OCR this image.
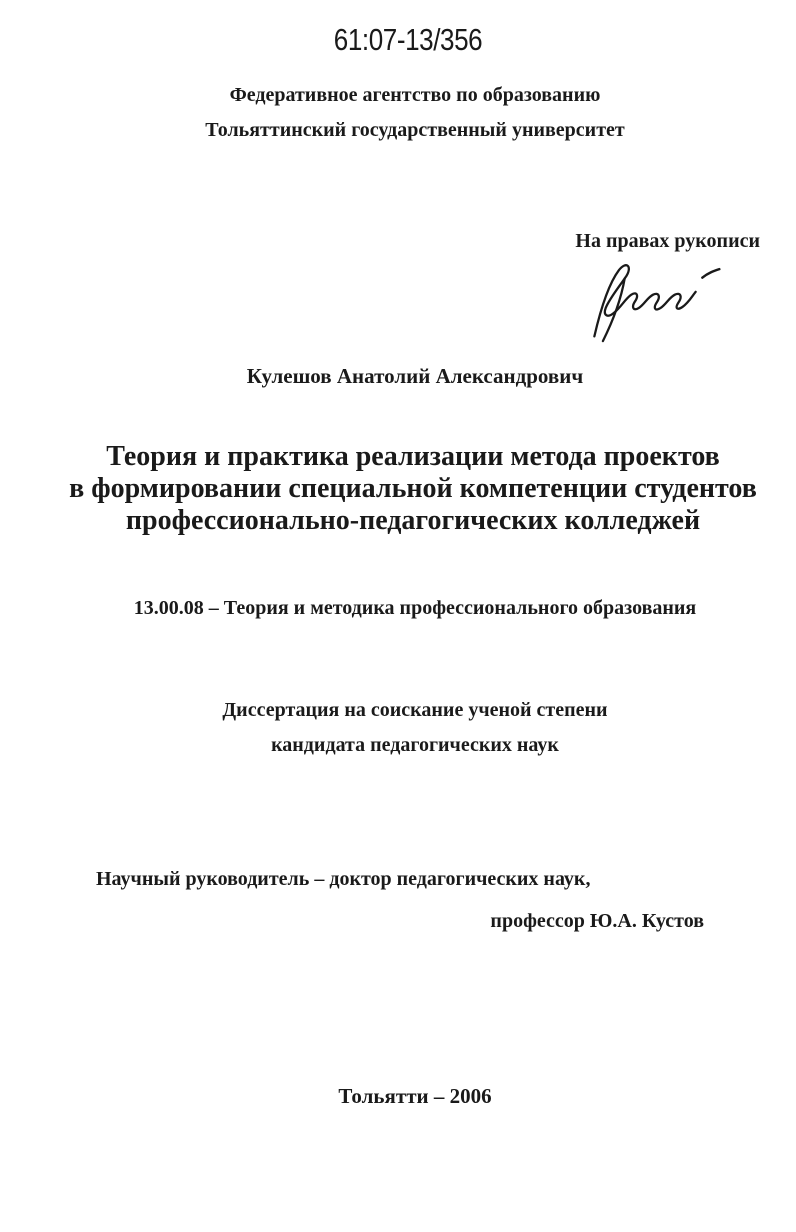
61:07-13/356
Федеративное агентство по образованию
Тольяттинский государственный университет
На правах рукописи
Кулешов Анатолий Александрович
Теория и практика реализации метода проектов
в формировании специальной компетенции студентов
профессионально-педагогических колледжей
13.00.08 – Теория и методика профессионального образования
Диссертация на соискание ученой степени
кандидата педагогических наук
Научный руководитель – доктор педагогических наук,
профессор Ю.А. Кустов
Тольятти – 2006
